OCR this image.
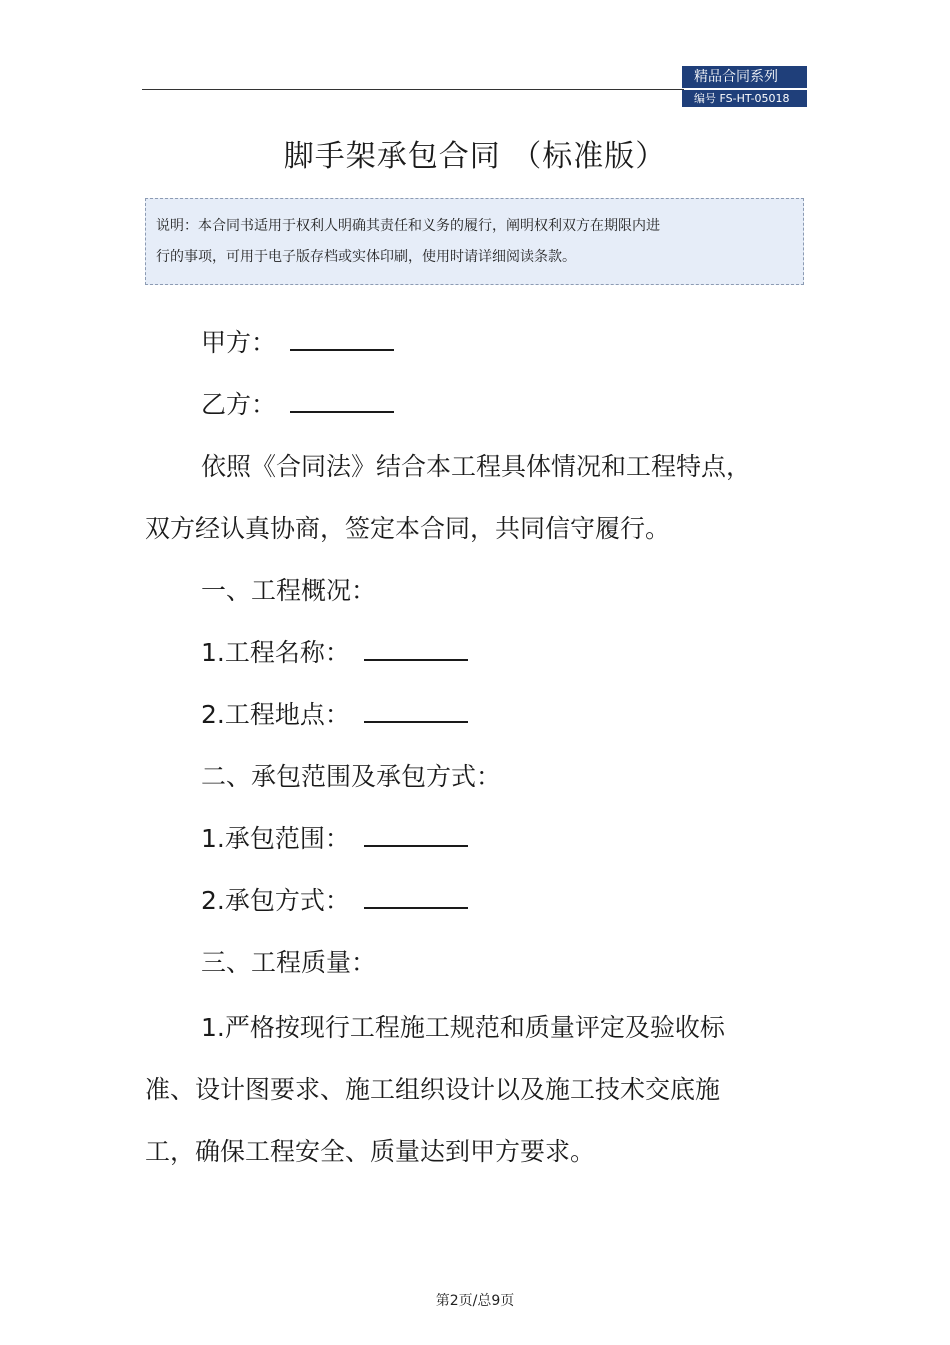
精品合同系列
编号 FS-HT-05018
脚手架承包合同 （标准版）
说明：本合同书适用于权利人明确其责任和义务的履行，阐明权利双方在期限内进
行的事项，可用于电子版存档或实体印刷，使用时请详细阅读条款。
甲方：
乙方：
依照《合同法》结合本工程具体情况和工程特点，
双方经认真协商，签定本合同，共同信守履行。
一、工程概况：
1.工程名称：
2.工程地点：
二、承包范围及承包方式：
1.承包范围：
2.承包方式：
三、工程质量：
1.严格按现行工程施工规范和质量评定及验收标
准、设计图要求、施工组织设计以及施工技术交底施
工，确保工程安全、质量达到甲方要求。
第2页/总9页
